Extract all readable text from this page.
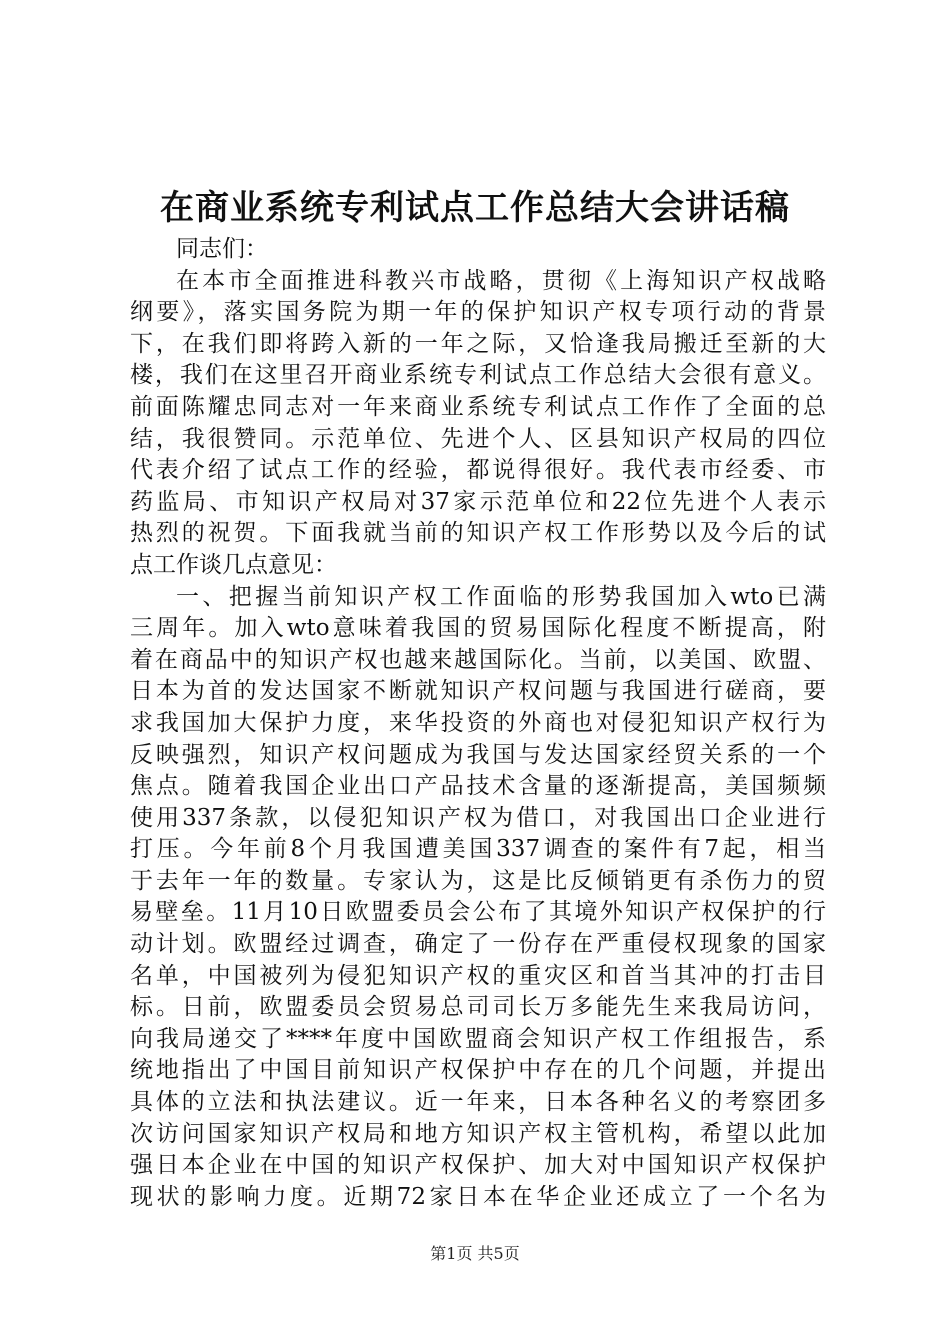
在商业系统专利试点工作总结大会讲话稿
同志们：
在本市全面推进科教兴市战略，贯彻《上海知识产权战略
纲要》，落实国务院为期一年的保护知识产权专项行动的背景
下，在我们即将跨入新的一年之际，又恰逢我局搬迁至新的大
楼，我们在这里召开商业系统专利试点工作总结大会很有意义。
前面陈耀忠同志对一年来商业系统专利试点工作作了全面的总
结，我很赞同。示范单位、先进个人、区县知识产权局的四位
代表介绍了试点工作的经验，都说得很好。我代表市经委、市
药监局、市知识产权局对37家示范单位和22位先进个人表示
热烈的祝贺。下面我就当前的知识产权工作形势以及今后的试
点工作谈几点意见：
一、把握当前知识产权工作面临的形势我国加入wto已满
三周年。加入wto意味着我国的贸易国际化程度不断提高，附
着在商品中的知识产权也越来越国际化。当前，以美国、欧盟、
日本为首的发达国家不断就知识产权问题与我国进行磋商，要
求我国加大保护力度，来华投资的外商也对侵犯知识产权行为
反映强烈，知识产权问题成为我国与发达国家经贸关系的一个
焦点。随着我国企业出口产品技术含量的逐渐提高，美国频频
使用337条款，以侵犯知识产权为借口，对我国出口企业进行
打压。今年前8个月我国遭美国337调查的案件有7起，相当
于去年一年的数量。专家认为，这是比反倾销更有杀伤力的贸
易壁垒。11月10日欧盟委员会公布了其境外知识产权保护的行
动计划。欧盟经过调查，确定了一份存在严重侵权现象的国家
名单，中国被列为侵犯知识产权的重灾区和首当其冲的打击目
标。日前，欧盟委员会贸易总司司长万多能先生来我局访问，
向我局递交了****年度中国欧盟商会知识产权工作组报告，系
统地指出了中国目前知识产权保护中存在的几个问题，并提出
具体的立法和执法建议。近一年来，日本各种名义的考察团多
次访问国家知识产权局和地方知识产权主管机构，希望以此加
强日本企业在中国的知识产权保护、加大对中国知识产权保护
现状的影响力度。近期72家日本在华企业还成立了一个名为
第1页 共5页
